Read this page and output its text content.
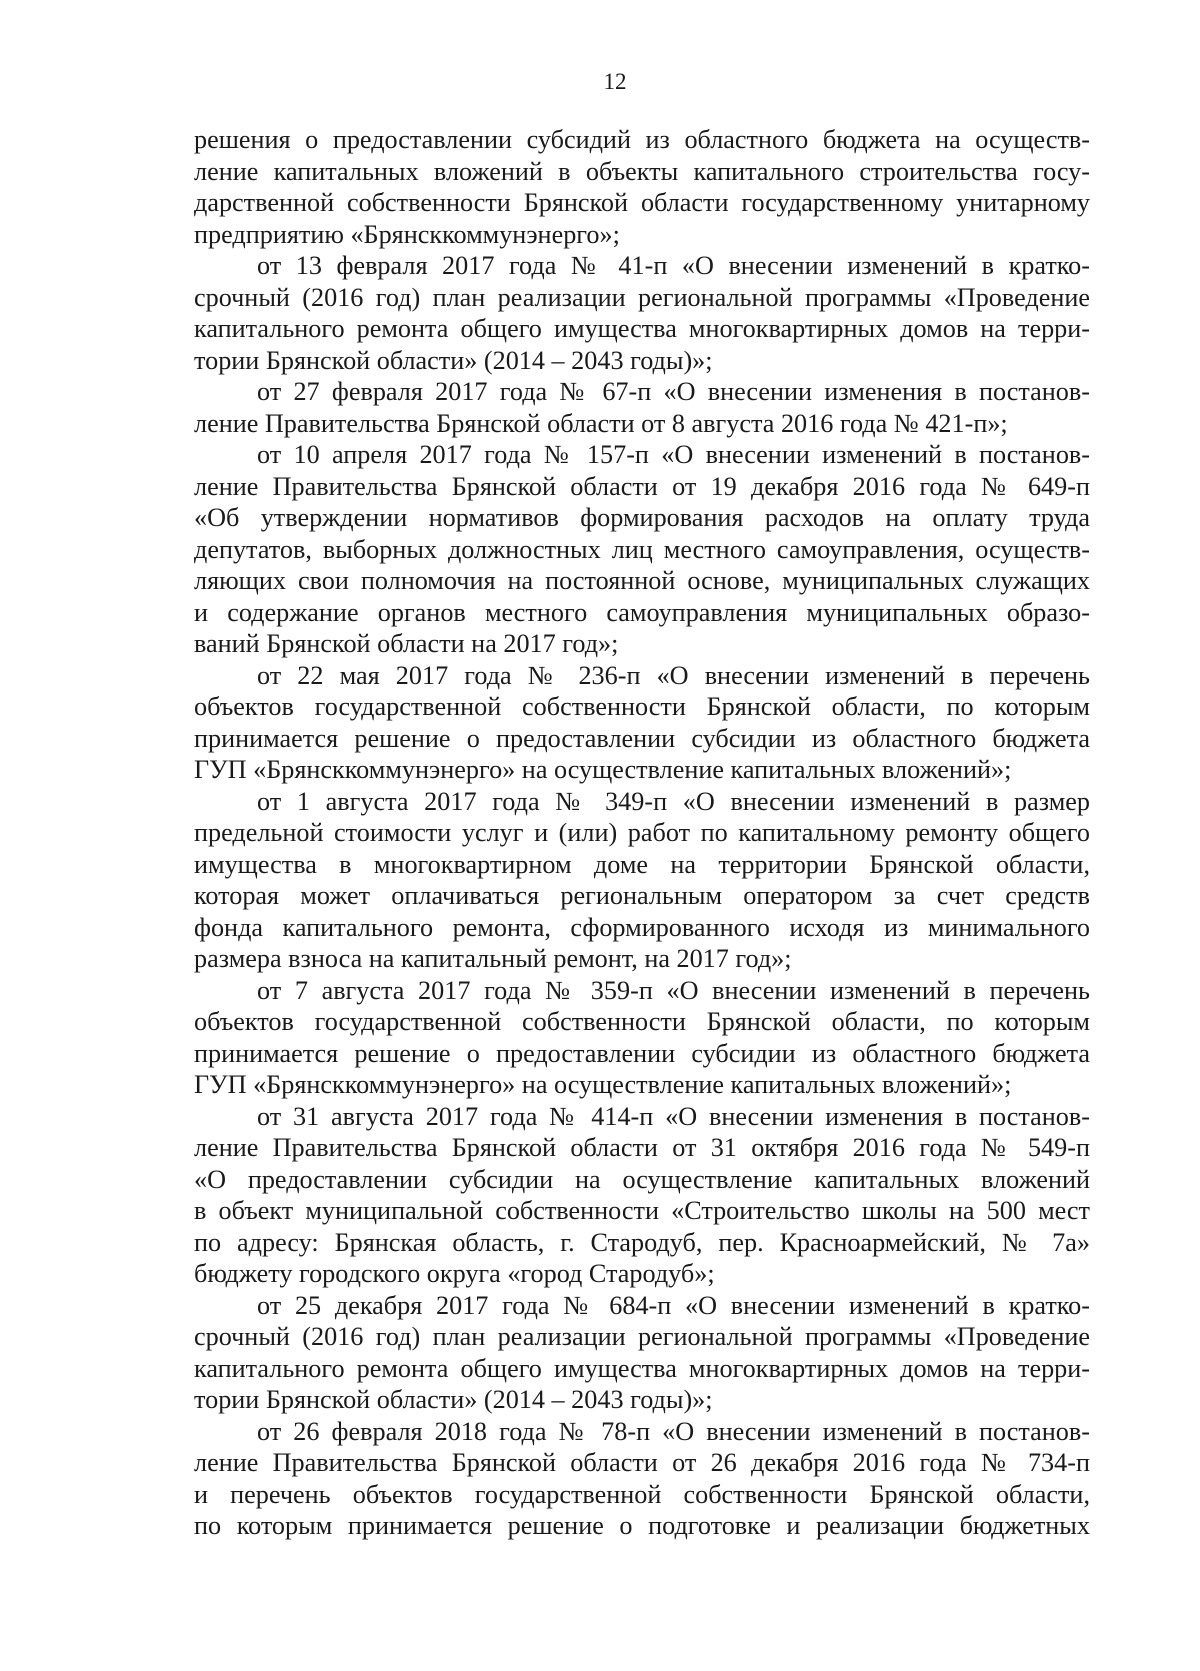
12
решения о предоставлении субсидий из областного бюджета на осуществ-
ление капитальных вложений в объекты капитального строительства госу-
дарственной собственности Брянской области государственному унитарному
предприятию «Брянсккоммунэнерго»;
от 13 февраля 2017 года № 41-п «О внесении изменений в кратко-
срочный (2016 год) план реализации региональной программы «Проведение
капитального ремонта общего имущества многоквартирных домов на терри-
тории Брянской области» (2014 – 2043 годы)»;
от 27 февраля 2017 года № 67-п «О внесении изменения в постанов-
ление Правительства Брянской области от 8 августа 2016 года № 421-п»;
от 10 апреля 2017 года № 157-п «О внесении изменений в постанов-
ление Правительства Брянской области от 19 декабря 2016 года № 649-п
«Об утверждении нормативов формирования расходов на оплату труда
депутатов, выборных должностных лиц местного самоуправления, осуществ-
ляющих свои полномочия на постоянной основе, муниципальных служащих
и содержание органов местного самоуправления муниципальных образо-
ваний Брянской области на 2017 год»;
от 22 мая 2017 года № 236-п «О внесении изменений в перечень
объектов государственной собственности Брянской области, по которым
принимается решение о предоставлении субсидии из областного бюджета
ГУП «Брянсккоммунэнерго» на осуществление капитальных вложений»;
от 1 августа 2017 года № 349-п «О внесении изменений в размер
предельной стоимости услуг и (или) работ по капитальному ремонту общего
имущества в многоквартирном доме на территории Брянской области,
которая может оплачиваться региональным оператором за счет средств
фонда капитального ремонта, сформированного исходя из минимального
размера взноса на капитальный ремонт, на 2017 год»;
от 7 августа 2017 года № 359-п «О внесении изменений в перечень
объектов государственной собственности Брянской области, по которым
принимается решение о предоставлении субсидии из областного бюджета
ГУП «Брянсккоммунэнерго» на осуществление капитальных вложений»;
от 31 августа 2017 года № 414-п «О внесении изменения в постанов-
ление Правительства Брянской области от 31 октября 2016 года № 549-п
«О предоставлении субсидии на осуществление капитальных вложений
в объект муниципальной собственности «Строительство школы на 500 мест
по адресу: Брянская область, г. Стародуб, пер. Красноармейский, № 7а»
бюджету городского округа «город Стародуб»;
от 25 декабря 2017 года № 684-п «О внесении изменений в кратко-
срочный (2016 год) план реализации региональной программы «Проведение
капитального ремонта общего имущества многоквартирных домов на терри-
тории Брянской области» (2014 – 2043 годы)»;
от 26 февраля 2018 года № 78-п «О внесении изменений в постанов-
ление Правительства Брянской области от 26 декабря 2016 года № 734-п
и перечень объектов государственной собственности Брянской области,
по которым принимается решение о подготовке и реализации бюджетных
